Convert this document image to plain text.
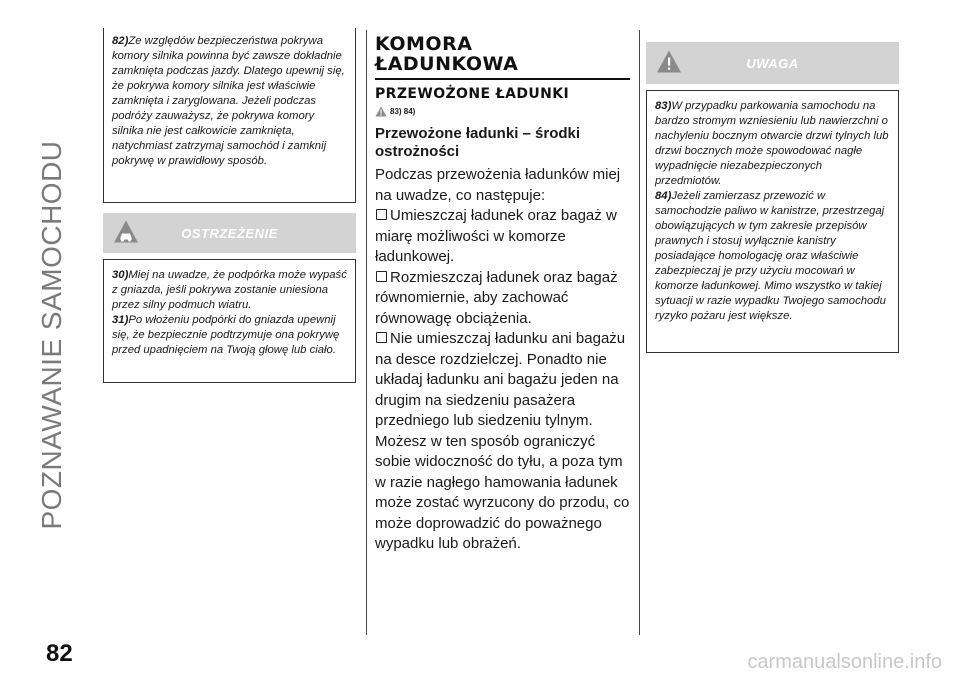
POZNAWANIE SAMOCHODU
82	carmanualsonline.info

82)Ze względów bezpieczeństwa pokrywa komory silnika powinna być zawsze dokładnie zamknięta podczas jazdy. Dlatego upewnij się, że pokrywa komory silnika jest właściwie zamknięta i zaryglowana. Jeżeli podczas podróży zauważysz, że pokrywa komory silnika nie jest całkowicie zamknięta, natychmiast zatrzymaj samochód i zamknij pokrywę w prawidłowy sposób.

OSTRZEŻENIE

30)Miej na uwadze, że podpórka może wypaść z gniazda, jeśli pokrywa zostanie uniesiona przez silny podmuch wiatru.

31)Po włożeniu podpórki do gniazda upewnij się, że bezpiecznie podtrzymuje ona pokrywę przed upadnięciem na Twoją głowę lub ciało.

KOMORA
ŁADUNKOWA
PRZEWOŻONE ŁADUNKI
83) 84)
Przewożone ładunki – środki ostrożności

Podczas przewożenia ładunków miej na uwadze, co następuje:

Umieszczaj ładunek oraz bagaż w miarę możliwości w komorze ładunkowej.

Rozmieszczaj ładunek oraz bagaż równomiernie, aby zachować równowagę obciążenia.

Nie umieszczaj ładunku ani bagażu na desce rozdzielczej. Ponadto nie układaj ładunku ani bagażu jeden na drugim na siedzeniu pasażera przedniego lub siedzeniu tylnym.

Możesz w ten sposób ograniczyć sobie widoczność do tyłu, a poza tym w razie nagłego hamowania ładunek może zostać wyrzucony do przodu, co może doprowadzić do poważnego wypadku lub obrażeń.

UWAGA

83)W przypadku parkowania samochodu na bardzo stromym wzniesieniu lub nawierzchni o nachyleniu bocznym otwarcie drzwi tylnych lub drzwi bocznych może spowodować nagłe wypadnięcie niezabezpieczonych przedmiotów.

84)Jeżeli zamierzasz przewozić w samochodzie paliwo w kanistrze, przestrzegaj obowiązujących w tym zakresie przepisów prawnych i stosuj wyłącznie kanistry posiadające homologację oraz właściwie zabezpieczaj je przy użyciu mocowań w komorze ładunkowej. Mimo wszystko w takiej sytuacji w razie wypadku Twojego samochodu ryzyko pożaru jest większe.
